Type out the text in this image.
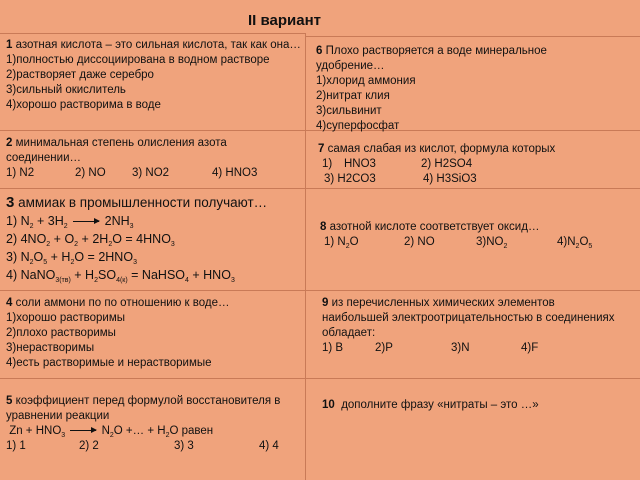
II вариант
1 азотная кислота – это сильная кислота, так как она…
1)полностью диссоциирована в водном растворе
2)растворяет даже серебро
3)сильный окислитель
4)хорошо растворима в воде
2 минимальная степень олисления азота соединении…
1) N2	2) NO 3) NO2	4) HNO3
3 аммиак в промышленности получают…
1) $N_2 + 3H_2$	$2NH_3$
2) $4NO_2 + O_2 + 2H_2O = 4HNO_3$
3) $N_2O_5 + H_2O = 2HNO_3$
4) NaNO$_{3(тв)}$ + $H_2SO_{4(к)}$ = NaHSO$_4$ + $HNO_3$
4 соли аммони по по отношению к воде…
1)хорошо растворимы
2)плохо растворимы
3)нерастворимы
4)есть растворимые и нерастворимые
5 коэффициент перед формулой восстановителя в уравнении реакции
$Zn + HNO_3$	$N_2O$ +… + $H_2O$ равен
1) 1	2) 2	3) 3	4) 4
6 Плохо растворяется а воде минеральное удобрение…
1)хлорид аммония
2)нитрат клия
3)сильвинит
4)суперфосфат
7 самая слабая из кислот, формула которых
1) HNO3	2) H2SO4
3) H2CO3	4) H3SiO3
8 азотной кислоте соответствует оксид…
1) $N_2O$	2) NO	$3)NO_2$	$4)N_2O_5$
9 из перечисленных химических элементов наибольшей электроотрицательностью в соединениях обладает:
1) B	2)P	3)N	4)F
10 дополните фразу «нитраты – это …»
